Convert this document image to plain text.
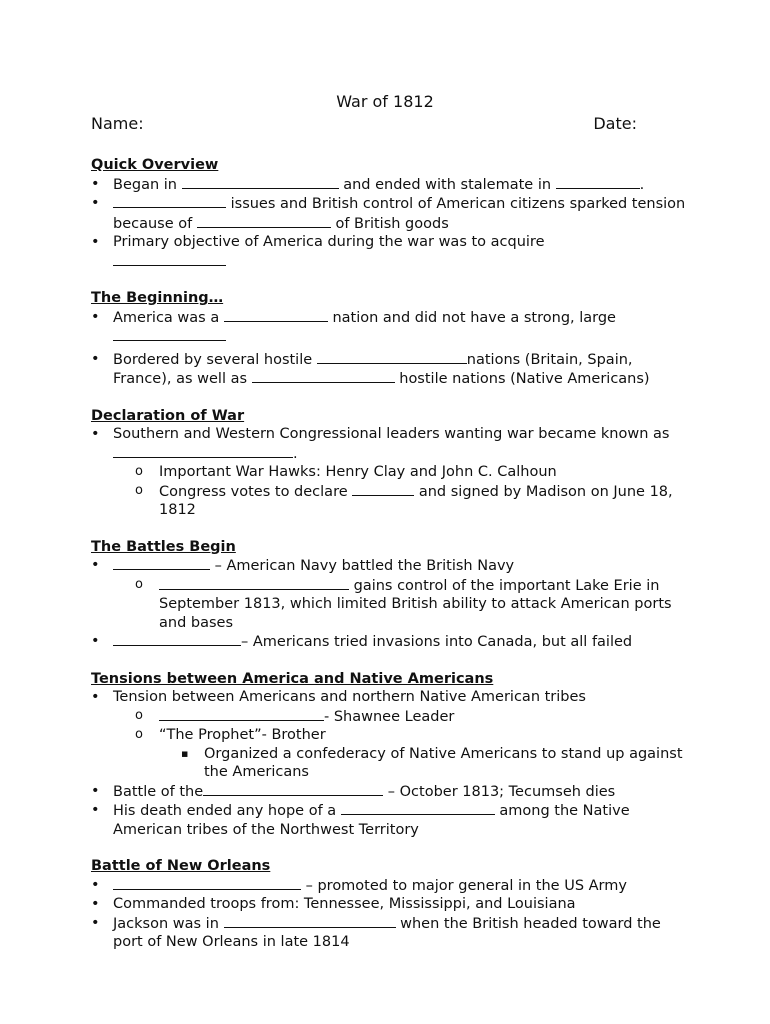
War of 1812
Name:	Date:
Quick Overview
• Began in	and ended with stalemate in	.
• issues and British control of American citizens sparked tension because of	of British goods
• Primary objective of America during the war was to acquire

The Beginning…
• America was a	nation and did not have a strong, large

• Bordered by several hostile	nations (Britain, Spain, France), as well as	hostile nations (Native Americans)
Declaration of War
• Southern and Western Congressional leaders wanting war became known as .
o Important War Hawks: Henry Clay and John C. Calhoun
o Congress votes to declare	and signed by Madison on June 18, 1812
The Battles Begin
• – American Navy battled the British Navy
o gains control of the important Lake Erie in September 1813, which limited British ability to attack American ports and bases
• – Americans tried invasions into Canada, but all failed
Tensions between America and Native Americans
• Tension between Americans and northern Native American tribes
o - Shawnee Leader
o “The Prophet”- Brother
▪ Organized a confederacy of Native Americans to stand up against the Americans
• Battle of the	– October 1813; Tecumseh dies
• His death ended any hope of a	among the Native American tribes of the Northwest Territory
Battle of New Orleans
• – promoted to major general in the US Army
• Commanded troops from: Tennessee, Mississippi, and Louisiana
• Jackson was in	when the British headed toward the port of New Orleans in late 1814
